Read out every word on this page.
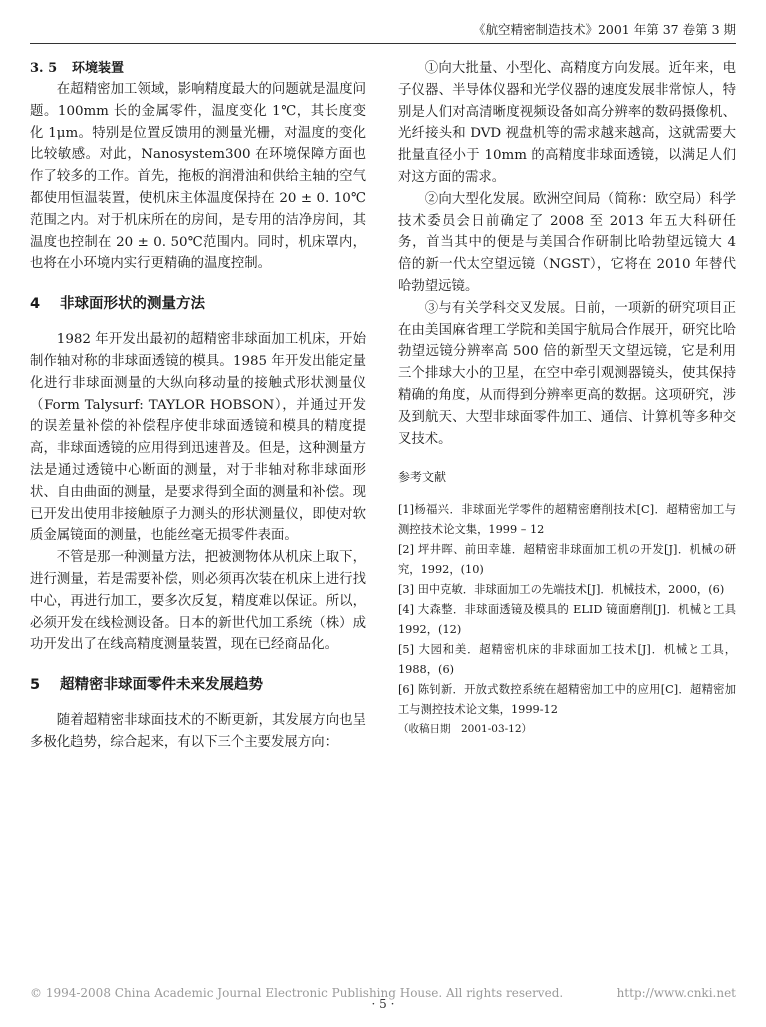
《航空精密制造技术》2001 年第 37 卷第 3 期
3. 5 环境装置

在超精密加工领域，影响精度最大的问题就是温度问题。100mm 长的金属零件，温度变化 1℃，其长度变化 1μm。特别是位置反馈用的测量光栅，对温度的变化比较敏感。对此，Nanosystem300 在环境保障方面也作了较多的工作。首先，拖板的润滑油和供给主轴的空气都使用恒温装置，使机床主体温度保持在 20 ± 0. 10℃范围之内。对于机床所在的房间，是专用的洁净房间，其温度也控制在 20 ± 0. 50℃范围内。同时，机床罩内，也将在小环境内实行更精确的温度控制。

4 非球面形状的测量方法

1982 年开发出最初的超精密非球面加工机床，开始制作轴对称的非球面透镜的模具。1985 年开发出能定量化进行非球面测量的大纵向移动量的接触式形状测量仪（Form Talysurf: TAYLOR HOBSON），并通过开发的误差量补偿的补偿程序使非球面透镜和模具的精度提高，非球面透镜的应用得到迅速普及。但是，这种测量方法是通过透镜中心断面的测量，对于非轴对称非球面形状、自由曲面的测量，是要求得到全面的测量和补偿。现已开发出使用非接触原子力测头的形状测量仪，即使对软质金属镜面的测量，也能丝毫无损零件表面。

不管是那一种测量方法，把被测物体从机床上取下，进行测量，若是需要补偿，则必须再次装在机床上进行找中心，再进行加工，要多次反复，精度难以保证。所以，必须开发在线检测设备。日本的新世代加工系统（株）成功开发出了在线高精度测量装置，现在已经商品化。

5 超精密非球面零件未来发展趋势

随着超精密非球面技术的不断更新，其发展方向也呈多极化趋势，综合起来，有以下三个主要发展方向：

①向大批量、小型化、高精度方向发展。近年来，电子仪器、半导体仪器和光学仪器的速度发展非常惊人，特别是人们对高清晰度视频设备如高分辨率的数码摄像机、光纤接头和 DVD 视盘机等的需求越来越高，这就需要大批量直径小于 10mm 的高精度非球面透镜，以满足人们对这方面的需求。

②向大型化发展。欧洲空间局（简称：欧空局）科学技术委员会日前确定了 2008 至 2013 年五大科研任务，首当其中的便是与美国合作研制比哈勃望远镜大 4 倍的新一代太空望远镜（NGST），它将在 2010 年替代哈勃望远镜。

③与有关学科交叉发展。日前，一项新的研究项目正在由美国麻省理工学院和美国宇航局合作展开，研究比哈勃望远镜分辨率高 500 倍的新型天文望远镜，它是利用三个排球大小的卫星，在空中牵引观测器镜头，使其保持精确的角度，从而得到分辨率更高的数据。这项研究，涉及到航天、大型非球面零件加工、通信、计算机等多种交叉技术。

参考文献

[1]杨福兴．非球面光学零件的超精密磨削技术[C]．超精密加工与测控技术论文集，1999 – 12

[2] 坪井晖、前田幸雄．超精密非球面加工机の开发[J]．机械の研究，1992，(10)

[3] 田中克敏．非球面加工の先端技术[J]．机械技术，2000，(6)

[4] 大森整．非球面透镜及模具的 ELID 镜面磨削[J]．机械と工具 1992，(12)

[5] 大园和美．超精密机床的非球面加工技术[J]．机械と工具，1988，(6)

[6] 陈钊新．开放式数控系统在超精密加工中的应用[C]．超精密加工与测控技术论文集，1999-12

（收稿日期　2001-03-12）

© 1994-2008 China Academic Journal Electronic Publishing House. All rights reserved.	http://www.cnki.net
· 5 ·
